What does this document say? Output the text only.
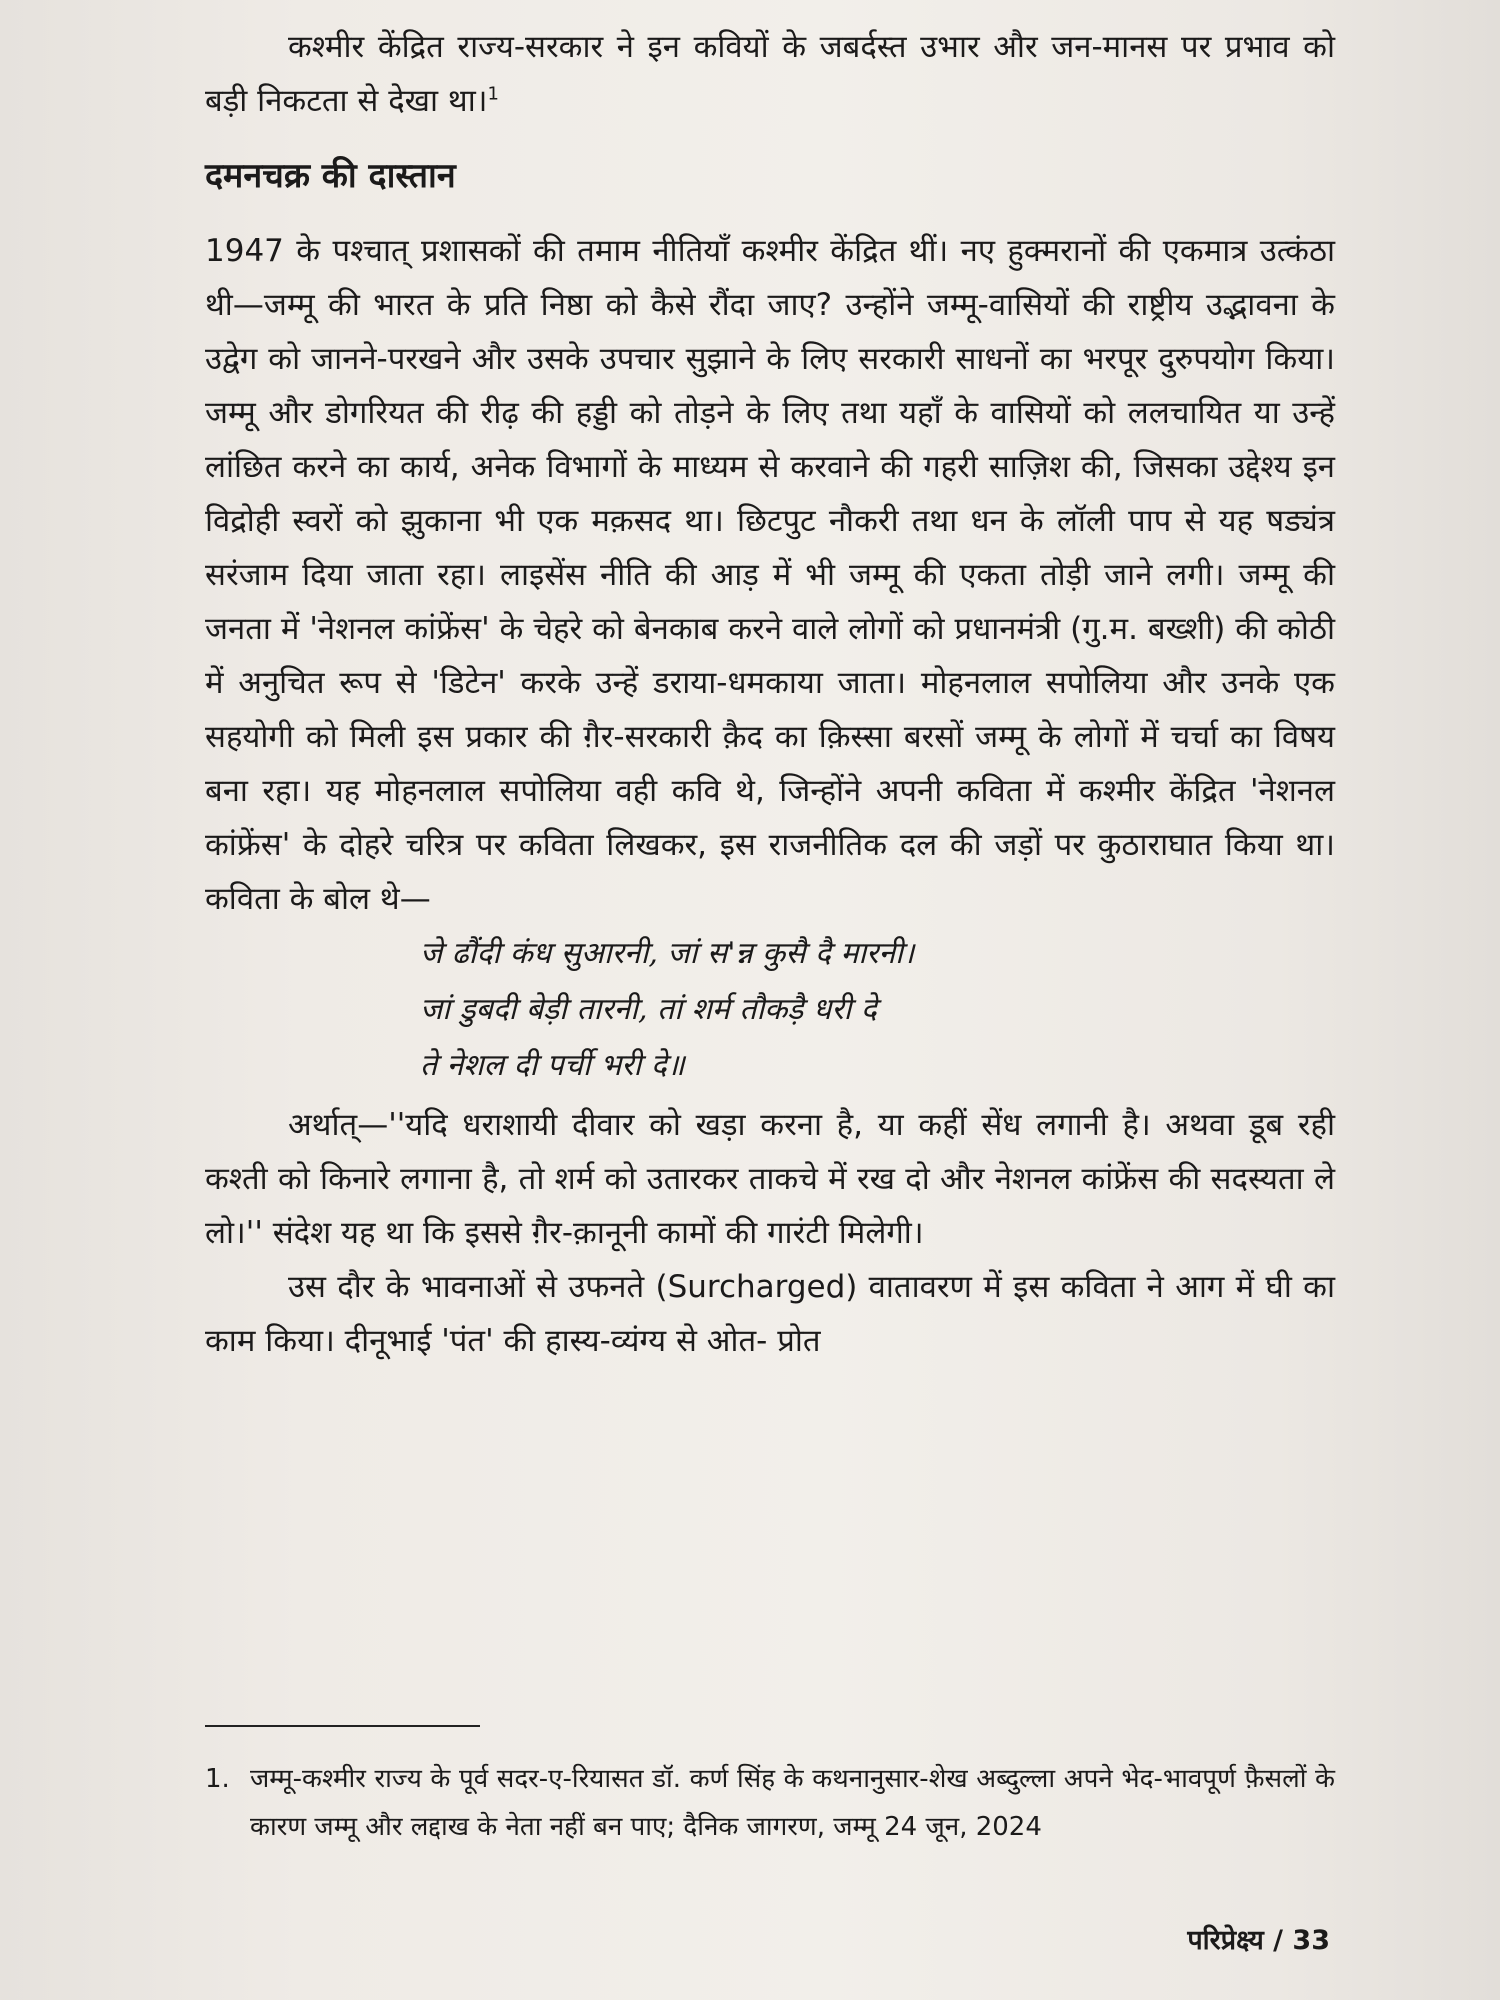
कश्मीर केंद्रित राज्य-सरकार ने इन कवियों के जबर्दस्त उभार और जन-मानस पर प्रभाव को बड़ी निकटता से देखा था।$^1$

दमनचक्र की दास्तान

1947 के पश्चात् प्रशासकों की तमाम नीतियाँ कश्मीर केंद्रित थीं। नए हुक्मरानों की एकमात्र उत्कंठा थी—जम्मू की भारत के प्रति निष्ठा को कैसे रौंदा जाए? उन्होंने जम्मू-वासियों की राष्ट्रीय उद्भावना के उद्वेग को जानने-परखने और उसके उपचार सुझाने के लिए सरकारी साधनों का भरपूर दुरुपयोग किया। जम्मू और डोगरियत की रीढ़ की हड्डी को तोड़ने के लिए तथा यहाँ के वासियों को ललचायित या उन्हें लांछित करने का कार्य, अनेक विभागों के माध्यम से करवाने की गहरी साज़िश की, जिसका उद्देश्य इन विद्रोही स्वरों को झुकाना भी एक मक़सद था। छिटपुट नौकरी तथा धन के लॉली पाप से यह षड्यंत्र सरंजाम दिया जाता रहा। लाइसेंस नीति की आड़ में भी जम्मू की एकता तोड़ी जाने लगी। जम्मू की जनता में 'नेशनल कांफ्रेंस' के चेहरे को बेनकाब करने वाले लोगों को प्रधानमंत्री (गु.म. बख्शी) की कोठी में अनुचित रूप से 'डिटेन' करके उन्हें डराया-धमकाया जाता। मोहनलाल सपोलिया और उनके एक सहयोगी को मिली इस प्रकार की ग़ैर-सरकारी क़ैद का क़िस्सा बरसों जम्मू के लोगों में चर्चा का विषय बना रहा। यह मोहनलाल सपोलिया वही कवि थे, जिन्होंने अपनी कविता में कश्मीर केंद्रित 'नेशनल कांफ्रेंस' के दोहरे चरित्र पर कविता लिखकर, इस राजनीतिक दल की जड़ों पर कुठाराघात किया था। कविता के बोल थे—

जे ढौंदी कंध सुआरनी, जां स'न्न कुसै दै मारनी।
जां डुबदी बेड़ी तारनी, तां शर्म तौकड़ै धरी दे
ते नेशल दी पर्ची भरी दे॥

अर्थात्—''यदि धराशायी दीवार को खड़ा करना है, या कहीं सेंध लगानी है। अथवा डूब रही कश्ती को किनारे लगाना है, तो शर्म को उतारकर ताकचे में रख दो और नेशनल कांफ्रेंस की सदस्यता ले लो।'' संदेश यह था कि इससे ग़ैर-क़ानूनी कामों की गारंटी मिलेगी।

उस दौर के भावनाओं से उफनते (Surcharged) वातावरण में इस कविता ने आग में घी का काम किया। दीनूभाई 'पंत' की हास्य-व्यंग्य से ओत- प्रोत

1. जम्मू-कश्मीर राज्य के पूर्व सदर-ए-रियासत डॉ. कर्ण सिंह के कथनानुसार-शेख अब्दुल्ला अपने भेद-भावपूर्ण फ़ैसलों के कारण जम्मू और लद्दाख के नेता नहीं बन पाए; दैनिक जागरण, जम्मू 24 जून, 2024
परिप्रेक्ष्य / 33
